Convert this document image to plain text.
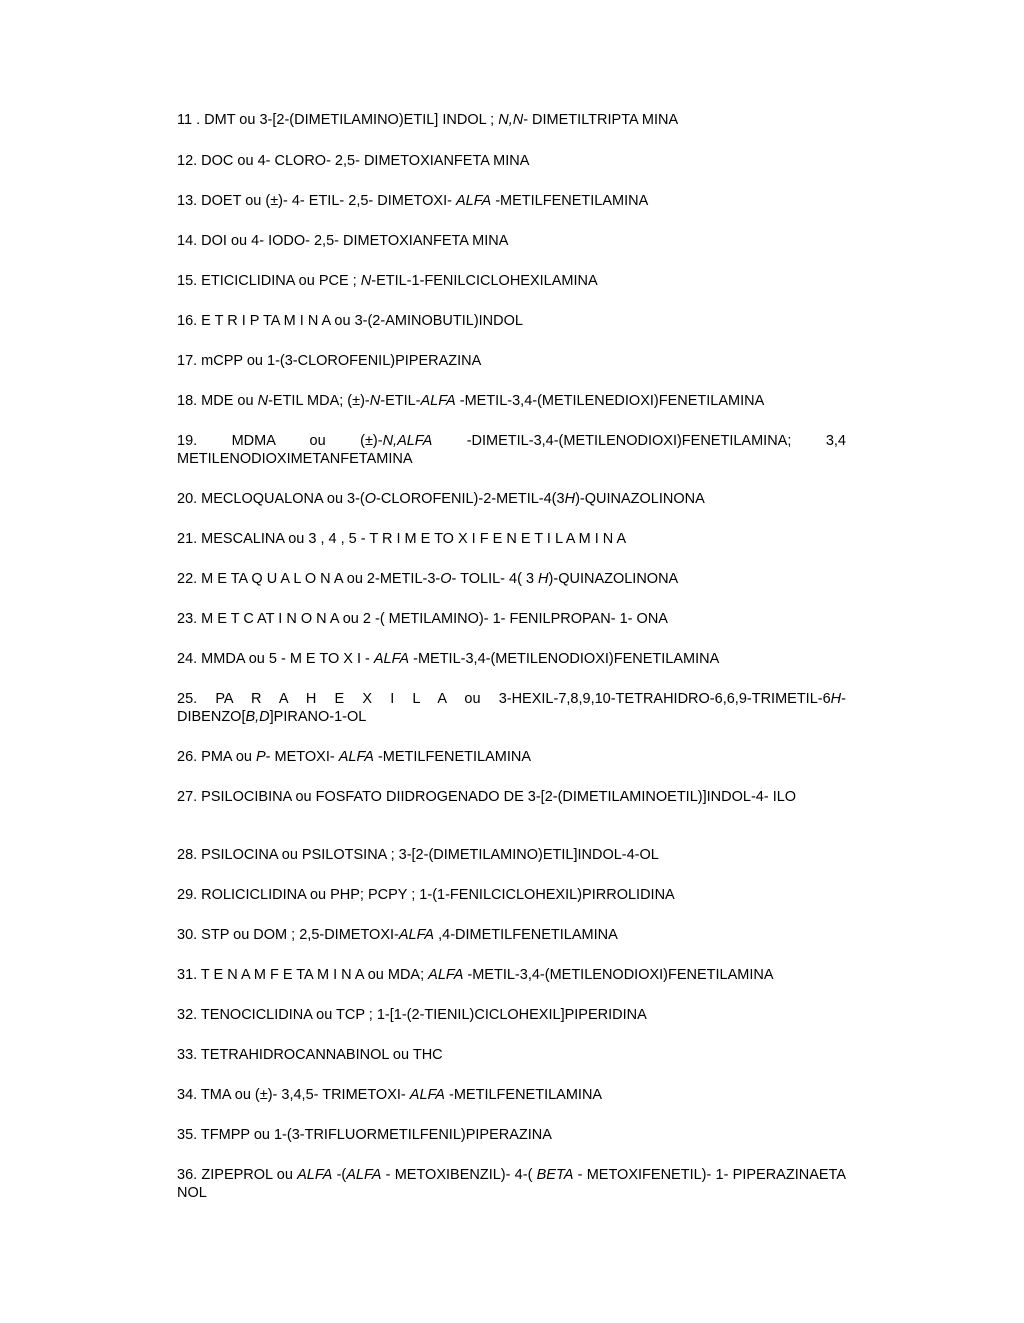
11 . DMT ou 3-[2-(DIMETILAMINO)ETIL] INDOL ; N,N- DIMETILTRIPTA MINA
12. DOC ou 4- CLORO- 2,5- DIMETOXIANFETA MINA
13. DOET ou (±)- 4- ETIL- 2,5- DIMETOXI- ALFA -METILFENETILAMINA
14. DOI ou 4- IODO- 2,5- DIMETOXIANFETA MINA
15. ETICICLIDINA ou PCE ; N-ETIL-1-FENILCICLOHEXILAMINA
16. E T R I P TA M I N A ou 3-(2-AMINOBUTIL)INDOL
17. mCPP ou 1-(3-CLOROFENIL)PIPERAZINA
18. MDE ou N-ETIL MDA; (±)-N-ETIL-ALFA -METIL-3,4-(METILENEDIOXI)FENETILAMINA
19. MDMA ou (±)-N,ALFA -DIMETIL-3,4-(METILENODIOXI)FENETILAMINA; 3,4 METILENODIOXIMETANFETAMINA
20. MECLOQUALONA ou 3-(O-CLOROFENIL)-2-METIL-4(3H)-QUINAZOLINONA
21. MESCALINA ou 3 , 4 , 5 - T R I M E TO X I F E N E T I L A M I N A
22. M E TA Q U A L O N A ou 2-METIL-3-O- TOLIL- 4( 3 H)-QUINAZOLINONA
23. M E T C AT I N O N A ou 2 -( METILAMINO)- 1- FENILPROPAN- 1- ONA
24. MMDA ou 5 - M E TO X I - ALFA -METIL-3,4-(METILENODIOXI)FENETILAMINA
25. PA R A H E X I L A ou 3-HEXIL-7,8,9,10-TETRAHIDRO-6,6,9-TRIMETIL-6H- DIBENZO[B,D]PIRANO-1-OL
26. PMA ou P- METOXI- ALFA -METILFENETILAMINA
27. PSILOCIBINA ou FOSFATO DIIDROGENADO DE 3-[2-(DIMETILAMINOETIL)]INDOL-4- ILO
28. PSILOCINA ou PSILOTSINA ; 3-[2-(DIMETILAMINO)ETIL]INDOL-4-OL
29. ROLICICLIDINA ou PHP; PCPY ; 1-(1-FENILCICLOHEXIL)PIRROLIDINA
30. STP ou DOM ; 2,5-DIMETOXI-ALFA ,4-DIMETILFENETILAMINA
31. T E N A M F E TA M I N A ou MDA; ALFA -METIL-3,4-(METILENODIOXI)FENETILAMINA
32. TENOCICLIDINA ou TCP ; 1-[1-(2-TIENIL)CICLOHEXIL]PIPERIDINA
33. TETRAHIDROCANNABINOL ou THC
34. TMA ou (±)- 3,4,5- TRIMETOXI- ALFA -METILFENETILAMINA
35. TFMPP ou 1-(3-TRIFLUORMETILFENIL)PIPERAZINA
36. ZIPEPROL ou ALFA -(ALFA - METOXIBENZIL)- 4-( BETA - METOXIFENETIL)- 1- PIPERAZINAETA NOL
